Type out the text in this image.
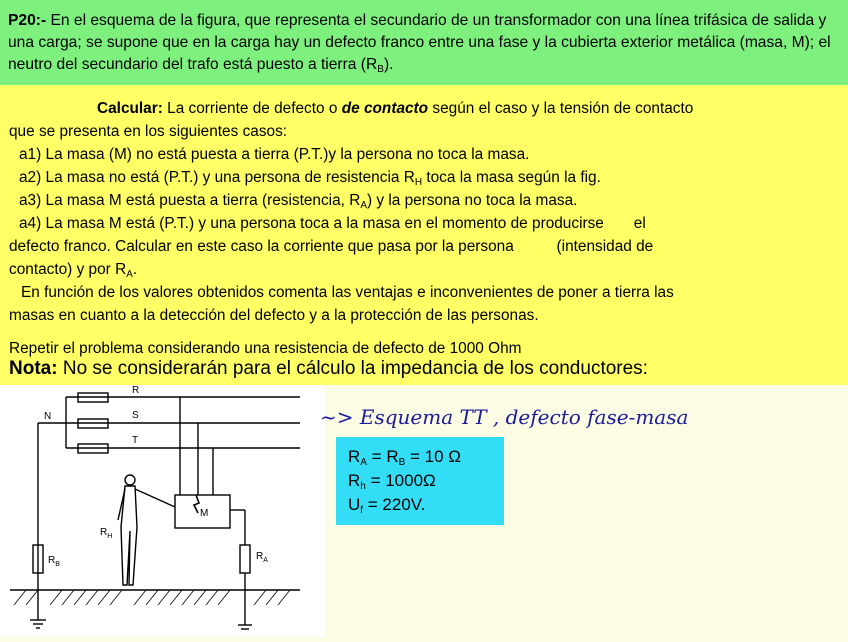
P20:- En el esquema de la figura, que representa el secundario de un transformador con una línea trifásica de salida y una carga; se supone que en la carga hay un defecto franco entre una fase y la cubierta exterior metálica (masa, M); el neutro del secundario del trafo está puesto a tierra $(R_B)$.

Calcular: La corriente de defecto o de contacto según el caso y la tensión de contacto
que se presenta en los siguientes casos:
a1) La masa (M) no está puesta a tierra (P.T.)y la persona no toca la masa.
a2) La masa no está (P.T.) y una persona de resistencia $R_H$ toca la masa según la fig.
a3) La masa M está puesta a tierra (resistencia, $R_A$) y la persona no toca la masa.
a4) La masa M está (P.T.) y una persona toca a la masa en el momento de producirse       el
defecto franco. Calcular en este caso la corriente que pasa por la persona          (intensidad de
contacto) y por $R_A$.
En función de los valores obtenidos comenta las ventajas e inconvenientes de poner a tierra las
masas en cuanto a la detección del defecto y a la protección de las personas.
Repetir el problema considerando una resistencia de defecto de 1000 Ohm
Nota: No se considerarán para el cálculo la impedancia de los conductores:
R
S
T
N
M
$R_H$
$R_B$
$R_A$
~> Esquema TT , defecto fase-masa
$R_A = R_B = 10$ Ω
$R_h = 1000\Omega$
$U_f = 220V$.
